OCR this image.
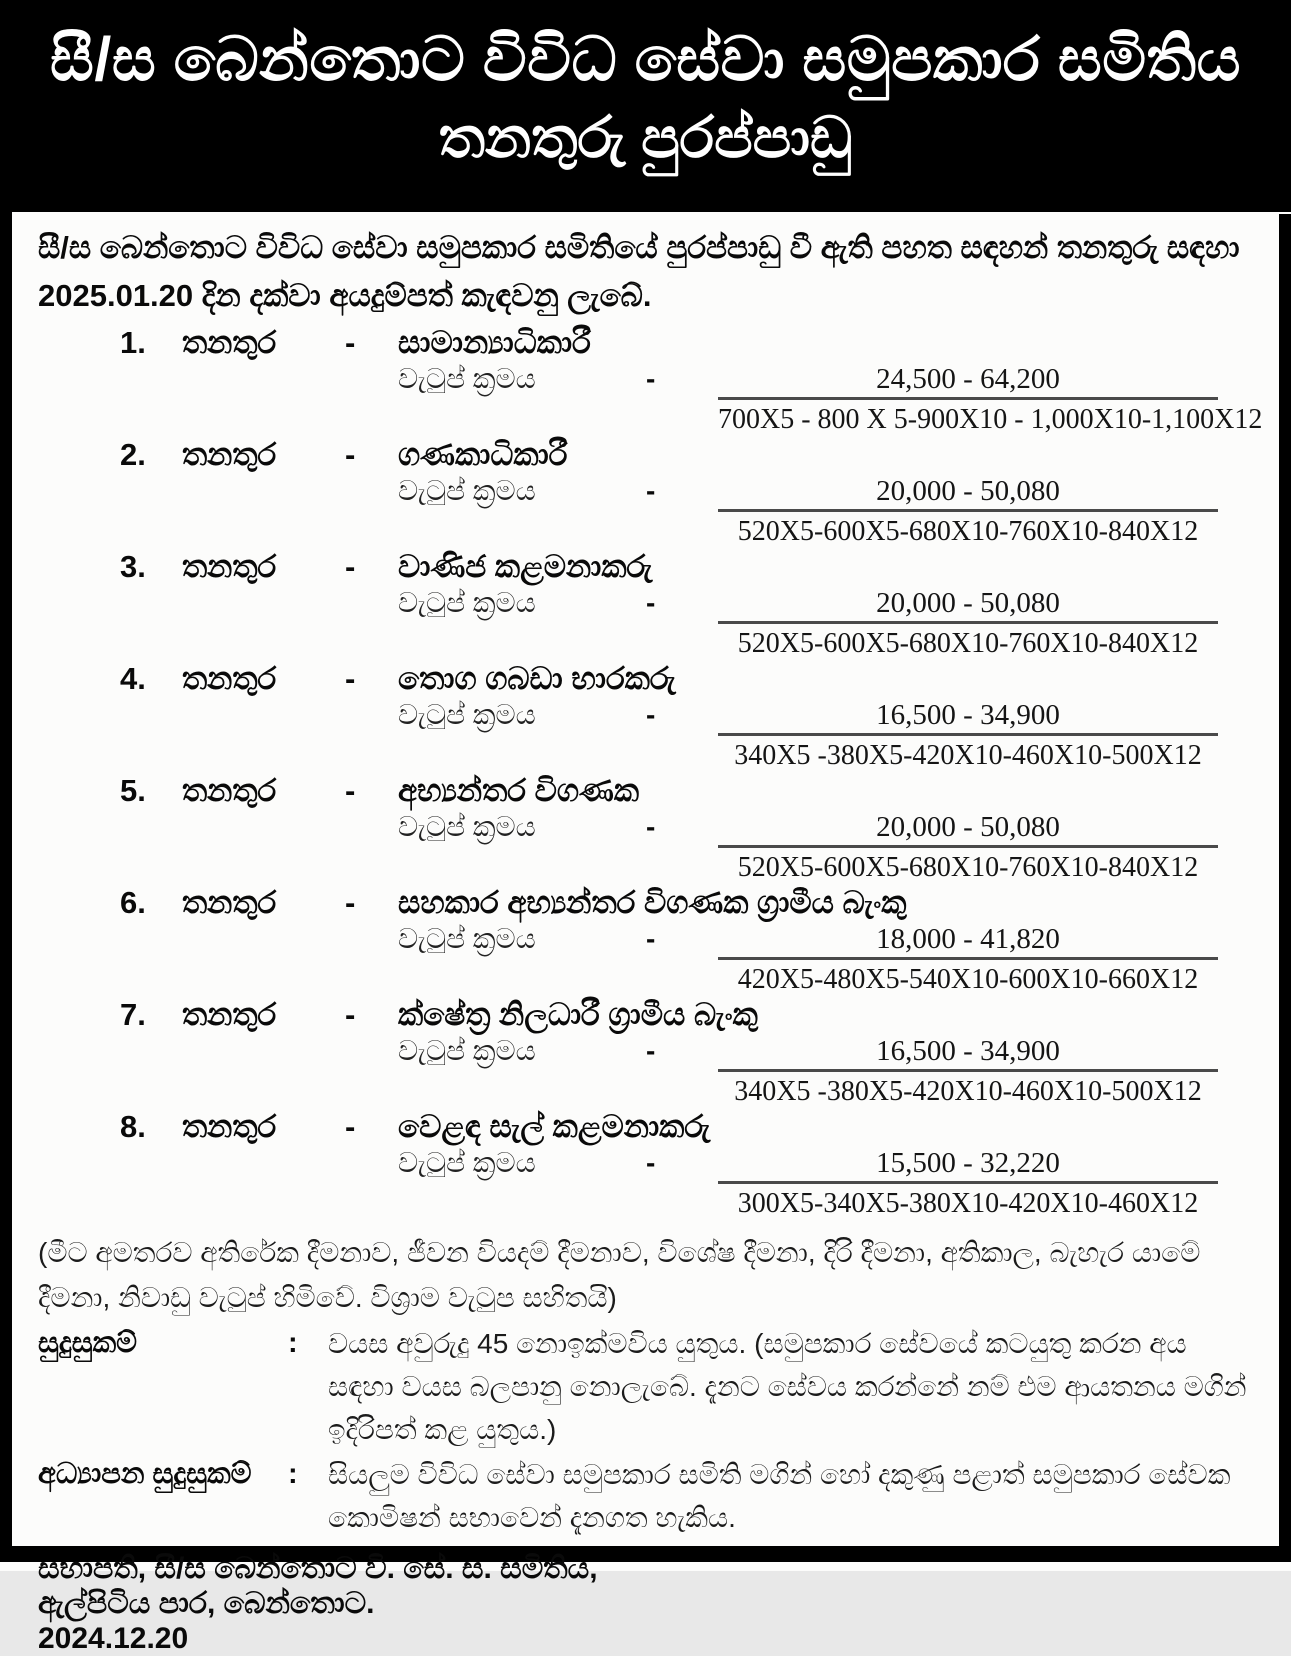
සී/ස බෙන්තොට විවිධ සේවා සමුපකාර සමිතිය
තනතුරු පුරප්පාඩු

සී/ස බෙන්තොට විවිධ සේවා සමුපකාර සමිතියේ පුරප්පාඩු වී ඇති පහත සඳහන් තනතුරු සඳහා 2025.01.20 දින දක්වා අයදුම්පත් කැඳවනු ලැබේ.

1.	තනතුර	-	සාමාන්‍යාධිකාරී
වැටුප් ක්‍රමය	-	$\frac{24,500 - 64,200}{700X5 - 800 X 5-900X10 - 1,000X10-1,100X12}$
2.	තනතුර	-	ගණකාධිකාරී
වැටුප් ක්‍රමය	-	$\frac{20,000 - 50,080}{520X5-600X5-680X10-760X10-840X12}$
3.	තනතුර	-	වාණිජ කළමනාකරු
වැටුප් ක්‍රමය	-	$\frac{20,000 - 50,080}{520X5-600X5-680X10-760X10-840X12}$
4.	තනතුර	-	තොග ගබඩා භාරකරු
වැටුප් ක්‍රමය	-	$\frac{16,500 - 34,900}{340X5 -380X5-420X10-460X10-500X12}$
5.	තනතුර	-	අභ්‍යන්තර විගණක
වැටුප් ක්‍රමය	-	$\frac{20,000 - 50,080}{520X5-600X5-680X10-760X10-840X12}$
6.	තනතුර	-	සහකාර අභ්‍යන්තර විගණක ග්‍රාමීය බැංකු
වැටුප් ක්‍රමය	-	$\frac{18,000 - 41,820}{420X5-480X5-540X10-600X10-660X12}$
7.	තනතුර	-	ක්ෂේත්‍ර නිලධාරී ග්‍රාමීය බැංකු
වැටුප් ක්‍රමය	-	$\frac{16,500 - 34,900}{340X5 -380X5-420X10-460X10-500X12}$
8.	තනතුර	-	වෙළඳ සැල් කළමනාකරු
වැටුප් ක්‍රමය	-	$\frac{15,500 - 32,220}{300X5-340X5-380X10-420X10-460X12}$

(මීට අමතරව අතිරේක දීමනාව, ජීවන වියදම් දීමනාව, විශේෂ දීමනා, දිරි දීමනා, අතිකාල, බැහැර යාමේ දීමනා, නිවාඩු වැටුප් හිමිවේ. විශ්‍රාම වැටුප සහිතයි)

සුදුසුකම්	:	වයස අවුරුදු 45 නොඉක්මවිය යුතුය. (සමුපකාර සේවයේ කටයුතු කරන අය සඳහා වයස බලපානු නොලැබේ. දැනට සේවය කරන්නේ නම් එම ආයතනය මගින් ඉදිරිපත් කළ යුතුය.)
අධ්‍යාපන සුදුසුකම්	:	සියලුම විවිධ සේවා සමුපකාර සමිති මගින් හෝ දකුණු පළාත් සමුපකාර සේවක කොමිෂන් සභාවෙන් දැනගත හැකිය.
සභාපති, සී/ස බෙන්තොට වි. සේ. ස. සමිතිය,
ඇල්පිටිය පාර, බෙන්තොට.
2024.12.20
